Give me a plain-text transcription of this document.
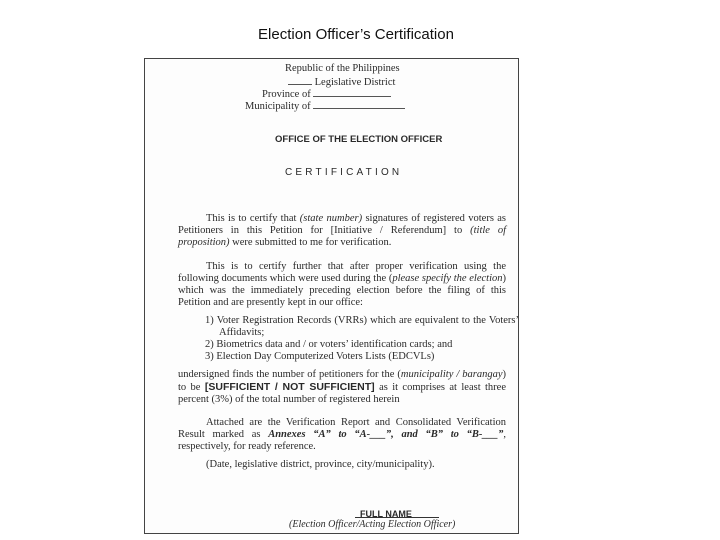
Election Officer’s Certification
Republic of the Philippines
Legislative District
Province of
Municipality of
OFFICE OF THE ELECTION OFFICER
CERTIFICATION
This is to certify that (state number) signatures of registered voters as Petitioners in this Petition for [Initiative / Referendum] to (title of proposition) were submitted to me for verification.
This is to certify further that after proper verification using the following documents which were used during the (please specify the election) which was the immediately preceding election before the filing of this Petition and are presently kept in our office:
1) Voter Registration Records (VRRs) which are equivalent to the Voters’ Affidavits;
2) Biometrics data and / or voters’ identification cards; and
3) Election Day Computerized Voters Lists (EDCVLs)
undersigned finds the number of petitioners for the (municipality / barangay) to be [SUFFICIENT / NOT SUFFICIENT] as it comprises at least three percent (3%) of the total number of registered herein
Attached are the Verification Report and Consolidated Verification Result marked as Annexes “A” to “A-___”, and “B” to “B-___”, respectively, for ready reference.
(Date, legislative district, province, city/municipality).
FULL NAME
(Election Officer/Acting Election Officer)
